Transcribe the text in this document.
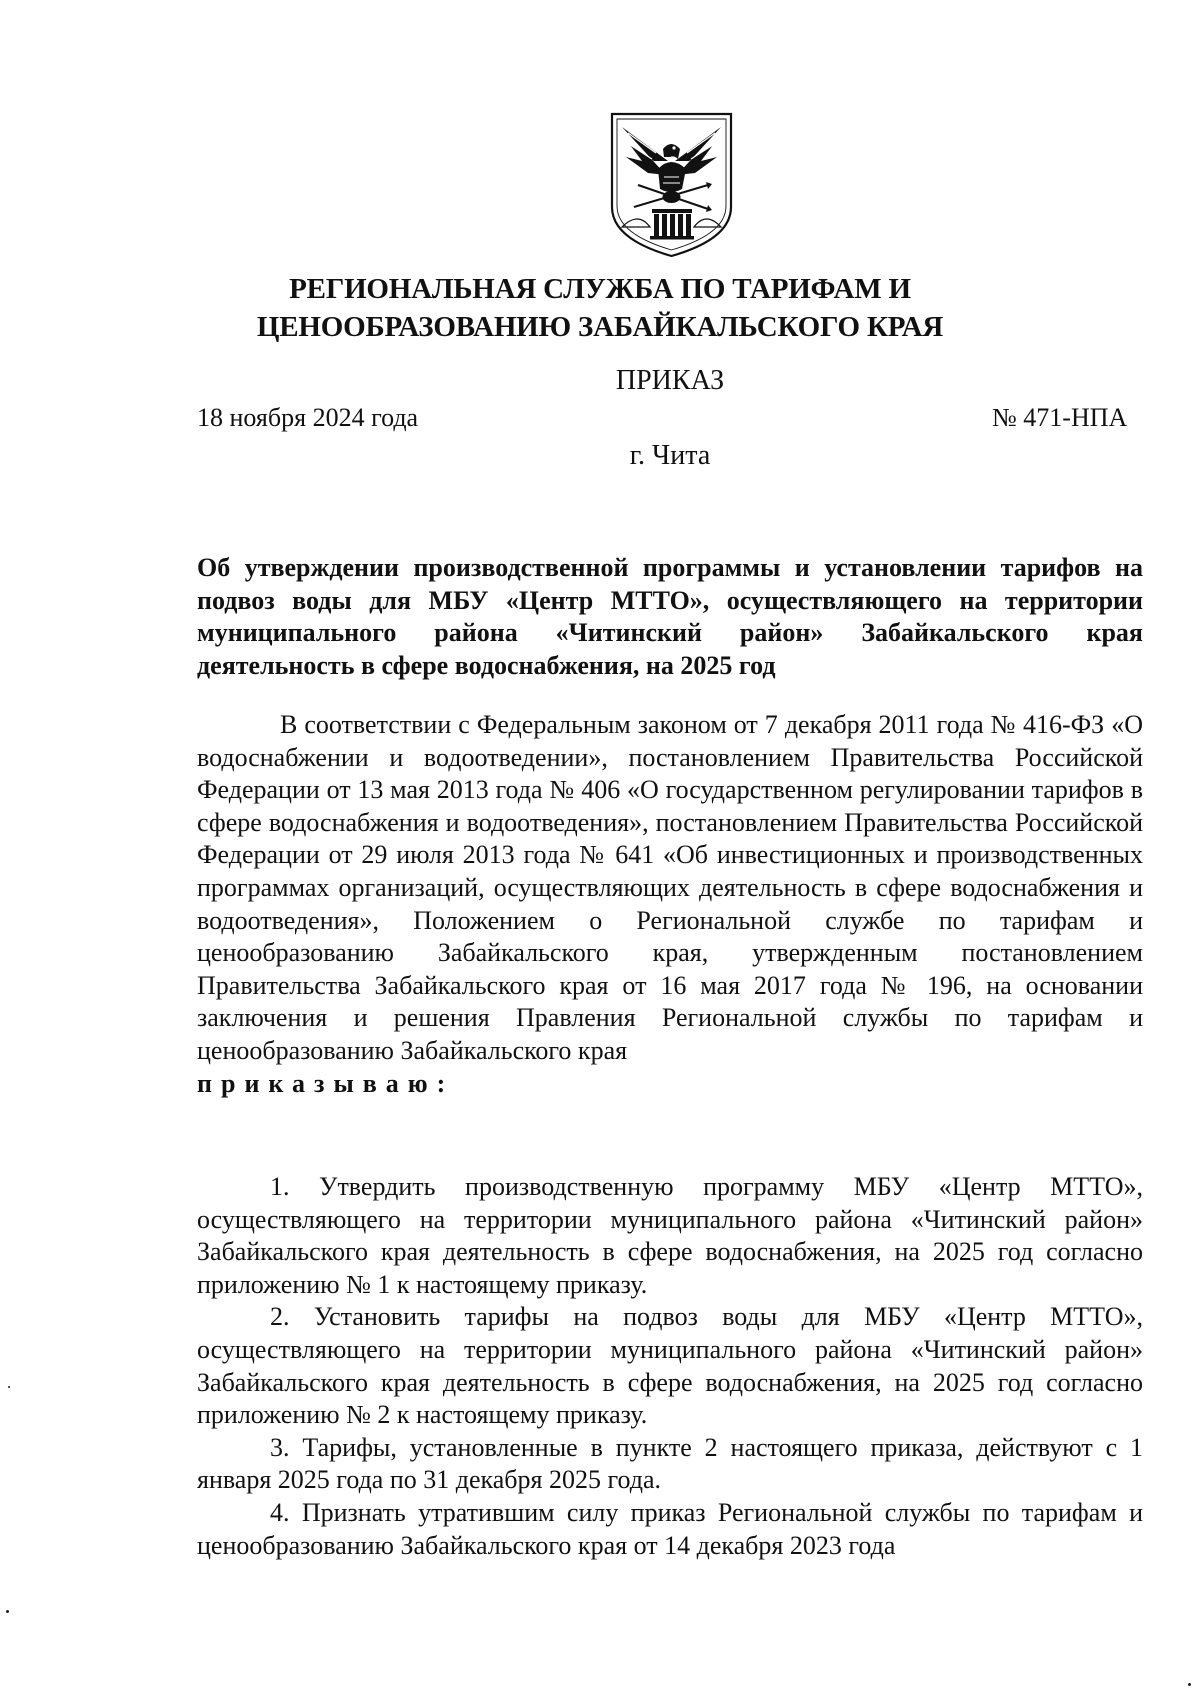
РЕГИОНАЛЬНАЯ СЛУЖБА ПО ТАРИФАМ И
ЦЕНООБРАЗОВАНИЮ ЗАБАЙКАЛЬСКОГО КРАЯ
ПРИКАЗ
18 ноября 2024 года	№ 471-НПА
г. Чита
Об утверждении производственной программы и установлении тарифов на подвоз воды для МБУ «Центр МТТО», осуществляющего на территории муниципального района «Читинский район» Забайкальского края деятельность в сфере водоснабжения, на 2025 год

В соответствии с Федеральным законом от 7 декабря 2011 года № 416-ФЗ «О водоснабжении и водоотведении», постановлением Правительства Российской Федерации от 13 мая 2013 года № 406 «О государственном регулировании тарифов в сфере водоснабжения и водоотведения», постановлением Правительства Российской Федерации от 29 июля 2013 года № 641 «Об инвестиционных и производственных программах организаций, осуществляющих деятельность в сфере водоснабжения и водоотведения», Положением о Региональной службе по тарифам и ценообразованию Забайкальского края, утвержденным постановлением Правительства Забайкальского края от 16 мая 2017 года № 196, на основании заключения и решения Правления Региональной службы по тарифам и ценообразованию Забайкальского края

приказываю:

1. Утвердить производственную программу МБУ «Центр МТТО», осуществляющего на территории муниципального района «Читинский район» Забайкальского края деятельность в сфере водоснабжения, на 2025 год согласно приложению № 1 к настоящему приказу.

2. Установить тарифы на подвоз воды для МБУ «Центр МТТО», осуществляющего на территории муниципального района «Читинский район» Забайкальского края деятельность в сфере водоснабжения, на 2025 год согласно приложению № 2 к настоящему приказу.

3. Тарифы, установленные в пункте 2 настоящего приказа, действуют с 1 января 2025 года по 31 декабря 2025 года.

4. Признать утратившим силу приказ Региональной службы по тарифам и ценообразованию Забайкальского края от 14 декабря 2023 года
